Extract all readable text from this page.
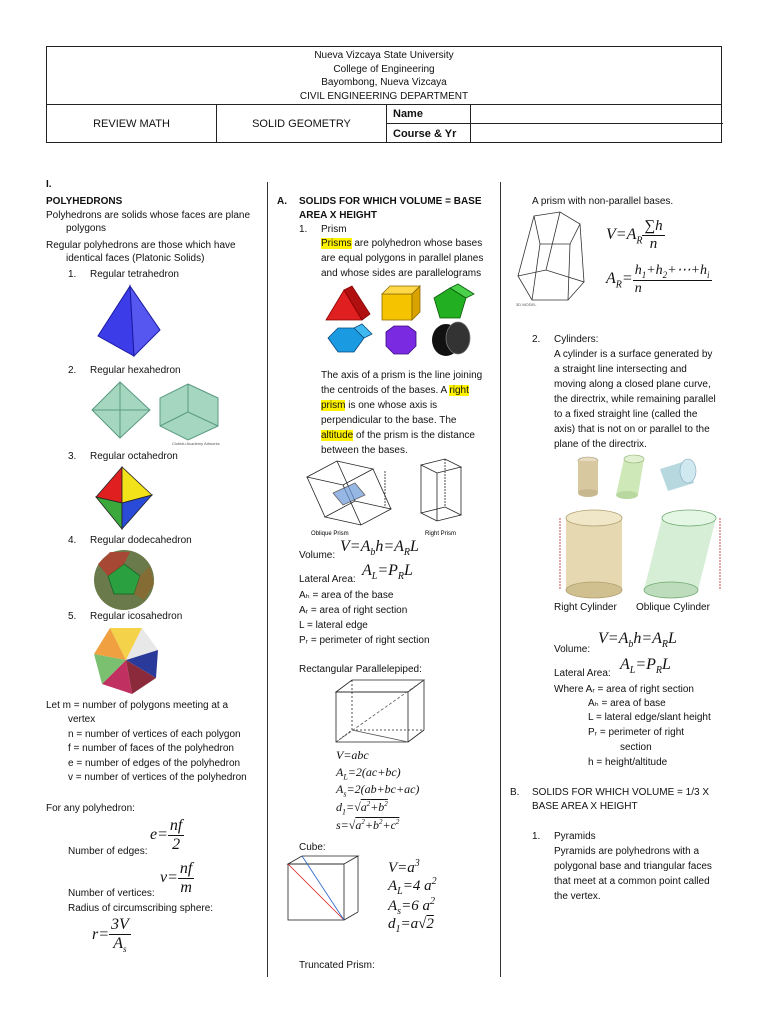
Nueva Vizcaya State University
College of Engineering
Bayombong, Nueva Vizcaya
CIVIL ENGINEERING DEPARTMENT
REVIEW MATH	SOLID GEOMETRY
Name
Course & Yr
I.
POLYHEDRONS
Polyhedrons are solids whose faces are plane
polygons
Regular polyhedrons are those which have
identical faces (Platonic Solids)
1. Regular tetrahedron
2. Regular hexahedron
Clobidu Academy Artworks
3. Regular octahedron
4. Regular dodecahedron
5. Regular icosahedron
Let m = number of polygons meeting at a
vertex
n = number of vertices of each polygon
f = number of faces of the polyhedron
e = number of edges of the polyhedron
v = number of vertices of the polyhedron
For any polyhedron:
$e= \frac{nf}{2}$
Number of edges:
$v= \frac{nf}{m}$
Number of vertices:
Radius of circumscribing sphere:
$r= \frac{3V}{A_s}$
A. SOLIDS FOR WHICH VOLUME = BASE
AREA X HEIGHT
1. Prism
Prisms are polyhedron whose bases
are equal polygons in parallel planes
and whose sides are parallelograms
The axis of a prism is the line joining
the centroids of the bases. A right
prism is one whose axis is
perpendicular to the base. The
altitude of the prism is the distance
between the bases.
Oblique Prism	Right Prism
Volume:
$V=A_bh=A_RL$
Lateral Area:
$A_L=P_RL$
Aₕ = area of the base
Aᵣ = area of right section
L = lateral edge
Pᵣ = perimeter of right section
Rectangular Parallelepiped:
V=abc
$A_L=2(ac+bc)$
$A_s=2(ab+bc+ac)$
$d_1=√a^2+b^2$
$s=√a^2+b^2+c^2$
Cube:
$V=a^3$
$A_L=4$ $a^2$
$A_s=6$ $a^2$
$d_1=a√2$
Truncated Prism:
A prism with non-parallel bases.
3D MODEL
$V=A_R \frac{\sum h}{n}$
$A_R= \frac{h_1+h_2+\cdots+h_i}{n}$
2. Cylinders:
A cylinder is a surface generated by
a straight line intersecting and
moving along a closed plane curve,
the directrix, while remaining parallel
to a fixed straight line (called the
axis) that is not on or parallel to the
plane of the directrix.
Right Cylinder Oblique Cylinder
Volume:
$V=A_bh=A_RL$
Lateral Area:
$A_L=P_RL$
Where Aᵣ = area of right section
Aₕ = area of base
L = lateral edge/slant height
Pᵣ = perimeter of right
section
h = height/altitude
B. SOLIDS FOR WHICH VOLUME = 1/3 X
BASE AREA X HEIGHT
1. Pyramids
Pyramids are polyhedrons with a
polygonal base and triangular faces
that meet at a common point called
the vertex.
